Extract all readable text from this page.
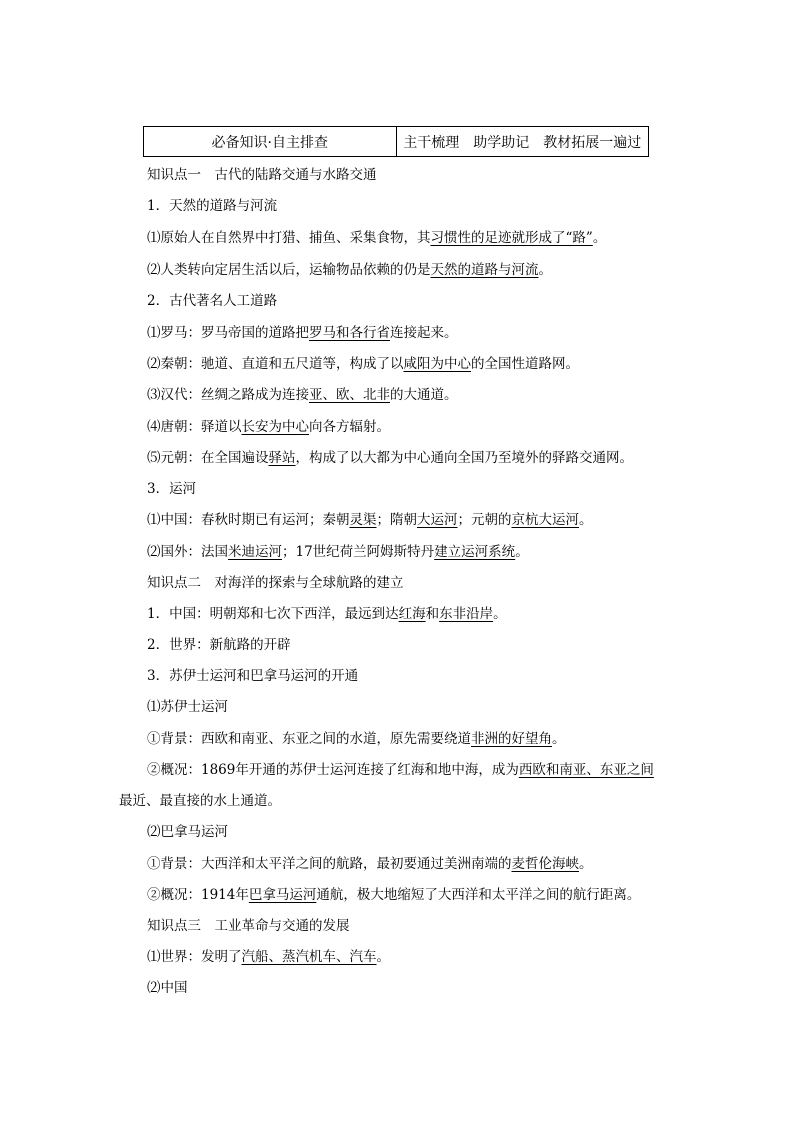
必备知识·自主排查	主干梳理　助学助记　教材拓展一遍过
知识点一　古代的陆路交通与水路交通
1．天然的道路与河流
⑴原始人在自然界中打猎、捕鱼、采集食物，其习惯性的足迹就形成了“路”。
⑵人类转向定居生活以后，运输物品依赖的仍是天然的道路与河流。
2．古代著名人工道路
⑴罗马：罗马帝国的道路把罗马和各行省连接起来。
⑵秦朝：驰道、直道和五尺道等，构成了以咸阳为中心的全国性道路网。
⑶汉代：丝绸之路成为连接亚、欧、北非的大通道。
⑷唐朝：驿道以长安为中心向各方辐射。
⑸元朝：在全国遍设驿站，构成了以大都为中心通向全国乃至境外的驿路交通网。
3．运河
⑴中国：春秋时期已有运河；秦朝灵渠；隋朝大运河；元朝的京杭大运河。
⑵国外：法国米迪运河；17世纪荷兰阿姆斯特丹建立运河系统。
知识点二　对海洋的探索与全球航路的建立
1．中国：明朝郑和七次下西洋，最远到达红海和东非沿岸。
2．世界：新航路的开辟
3．苏伊士运河和巴拿马运河的开通
⑴苏伊士运河
①背景：西欧和南亚、东亚之间的水道，原先需要绕道非洲的好望角。
②概况：1869年开通的苏伊士运河连接了红海和地中海，成为西欧和南亚、东亚之间
最近、最直接的水上通道。
⑵巴拿马运河
①背景：大西洋和太平洋之间的航路，最初要通过美洲南端的麦哲伦海峡。
②概况：1914年巴拿马运河通航，极大地缩短了大西洋和太平洋之间的航行距离。
知识点三　工业革命与交通的发展
⑴世界：发明了汽船、蒸汽机车、汽车。
⑵中国
